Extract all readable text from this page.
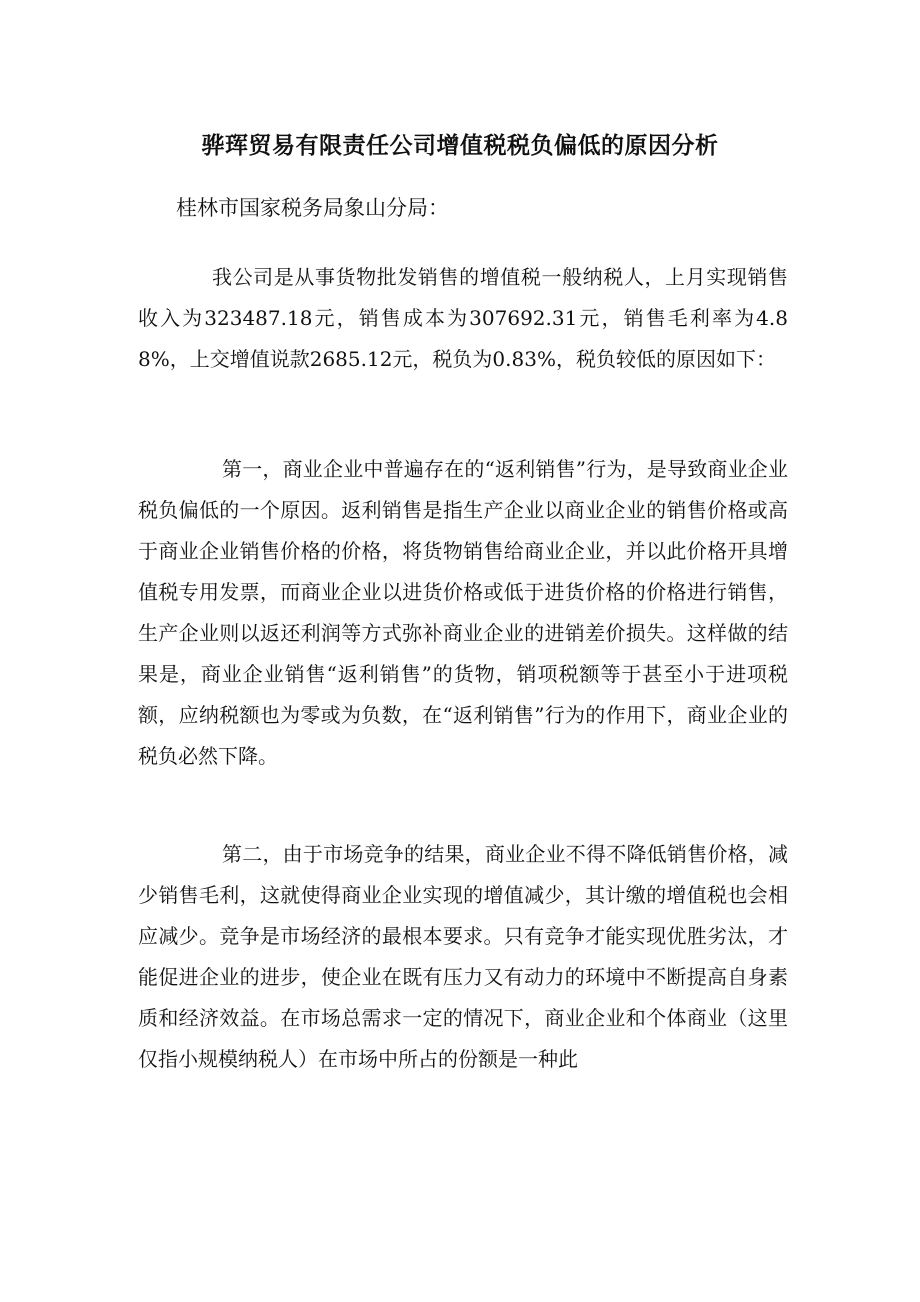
骅珲贸易有限责任公司增值税税负偏低的原因分析

桂林市国家税务局象山分局：

我公司是从事货物批发销售的增值税一般纳税人，上月实现销售收入为323487.18元，销售成本为307692.31元，销售毛利率为4.88%，上交增值说款2685.12元，税负为0.83%，税负较低的原因如下：

第一，商业企业中普遍存在的“返利销售”行为，是导致商业企业税负偏低的一个原因。返利销售是指生产企业以商业企业的销售价格或高于商业企业销售价格的价格，将货物销售给商业企业，并以此价格开具增值税专用发票，而商业企业以进货价格或低于进货价格的价格进行销售，生产企业则以返还利润等方式弥补商业企业的进销差价损失。这样做的结果是，商业企业销售“返利销售”的货物，销项税额等于甚至小于进项税额，应纳税额也为零或为负数，在“返利销售”行为的作用下，商业企业的税负必然下降。

第二，由于市场竞争的结果，商业企业不得不降低销售价格，减少销售毛利，这就使得商业企业实现的增值减少，其计缴的增值税也会相应减少。竞争是市场经济的最根本要求。只有竞争才能实现优胜劣汰，才能促进企业的进步，使企业在既有压力又有动力的环境中不断提高自身素质和经济效益。在市场总需求一定的情况下，商业企业和个体商业（这里仅指小规模纳税人）在市场中所占的份额是一种此
